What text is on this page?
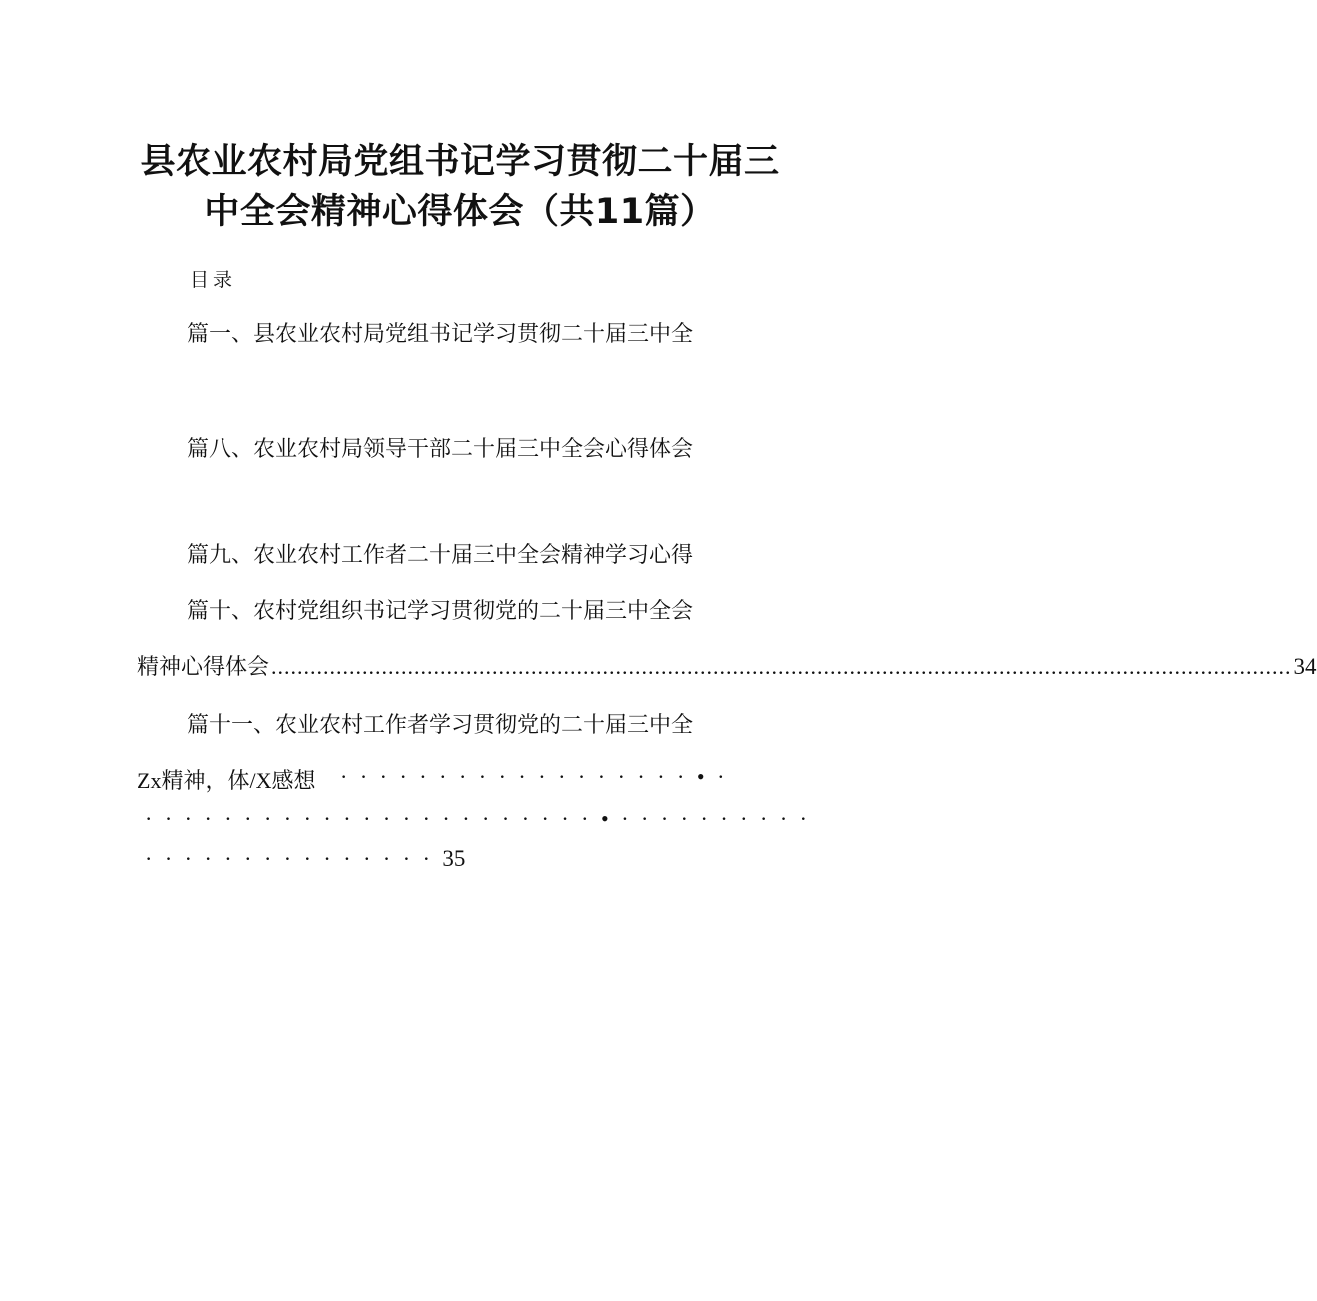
县农业农村局党组书记学习贯彻二十届三
中全会精神心得体会（共11篇）
目录
篇一、县农业农村局党组书记学习贯彻二十届三中全
篇八、农业农村局领导干部二十届三中全会心得体会
篇九、农业农村工作者二十届三中全会精神学习心得
篇十、农村党组织书记学习贯彻党的二十届三中全会
精神心得体会 ............................................................................................................................................................. 34
篇十一、农业农村工作者学习贯彻党的二十届三中全
Zx精神，体/X感想 ··················•·
·······················•··········
··············· 35
